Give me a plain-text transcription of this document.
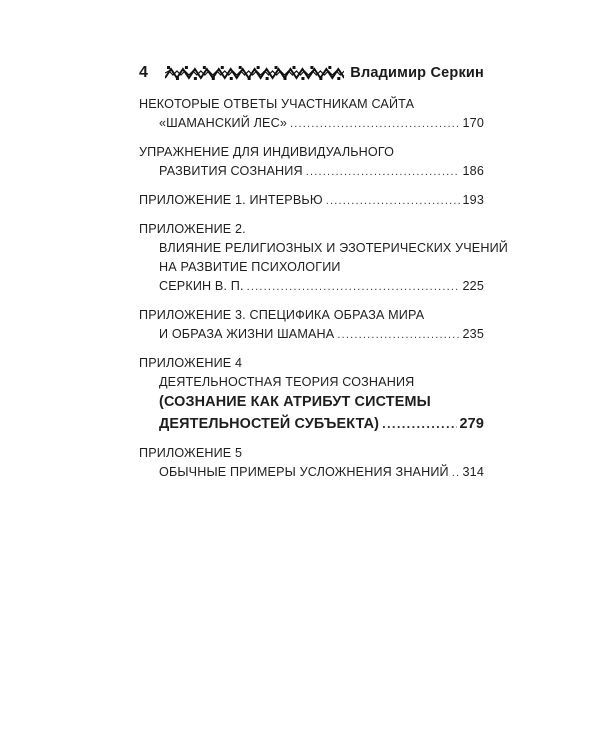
4	Владимир Серкин
НЕКОТОРЫЕ ОТВЕТЫ УЧАСТНИКАМ САЙТА
«ШАМАНСКИЙ ЛЕС» .....	170
УПРАЖНЕНИЕ ДЛЯ ИНДИВИДУАЛЬНОГО
РАЗВИТИЯ СОЗНАНИЯ .....	186
ПРИЛОЖЕНИЕ 1. ИНТЕРВЬЮ .....	193
ПРИЛОЖЕНИЕ 2.
ВЛИЯНИЕ РЕЛИГИОЗНЫХ И ЭЗОТЕРИЧЕСКИХ УЧЕНИЙ
НА РАЗВИТИЕ ПСИХОЛОГИИ
СЕРКИН В. П. .....	225
ПРИЛОЖЕНИЕ 3. СПЕЦИФИКА ОБРАЗА МИРА
И ОБРАЗА ЖИЗНИ ШАМАНА .....	235
ПРИЛОЖЕНИЕ 4
ДЕЯТЕЛЬНОСТНАЯ ТЕОРИЯ СОЗНАНИЯ
(СОЗНАНИЕ КАК АТРИБУТ СИСТЕМЫ
ДЕЯТЕЛЬНОСТЕЙ СУБЪЕКТА) .....	279
ПРИЛОЖЕНИЕ 5
ОБЫЧНЫЕ ПРИМЕРЫ УСЛОЖНЕНИЯ ЗНАНИЙ ..... 314
